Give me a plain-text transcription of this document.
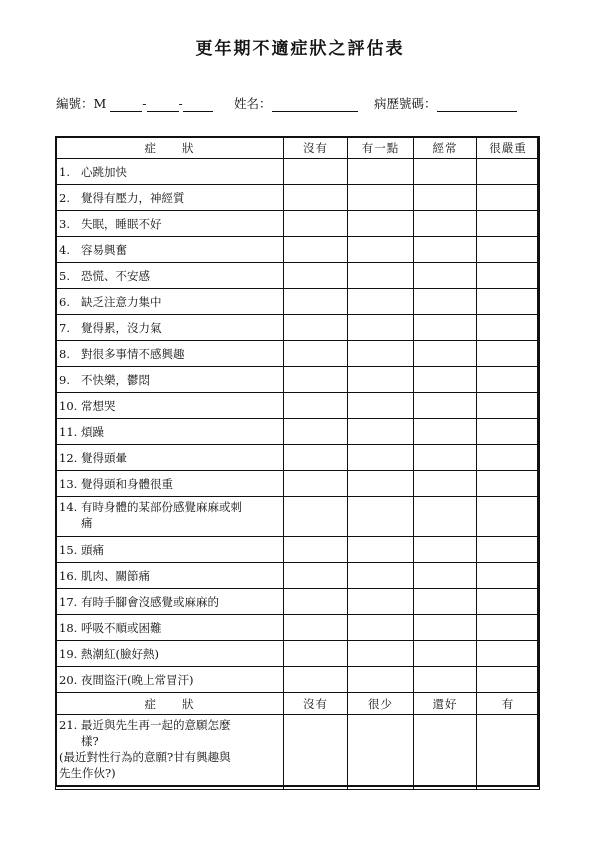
更年期不適症狀之評估表
編號：M	-	-	姓名：	病歷號碼：
症　　狀	沒有	有一點	經常	很嚴重
1. 心跳加快				
2. 覺得有壓力，神經質				
3. 失眠，睡眠不好				
4. 容易興奮				
5. 恐慌、不安感				
6. 缺乏注意力集中				
7. 覺得累，沒力氣				
8. 對很多事情不感興趣				
9. 不快樂，鬱悶				
10. 常想哭				
11. 煩躁				
12. 覺得頭暈				
13. 覺得頭和身體很重				

14. 有時身體的某部份感覺麻麻或刺
痛				

15. 頭痛				
16. 肌肉、關節痛				
17. 有時手腳會沒感覺或麻麻的				
18. 呼吸不順或困難				
19. 熱潮紅(臉好熱)				
20. 夜間盜汗(晚上常冒汗)				
症　　狀	沒有	很少	還好	有

21. 最近與先生再一起的意願怎麼
樣?
(最近對性行為的意願?甘有興趣與
先生作伙?)				
